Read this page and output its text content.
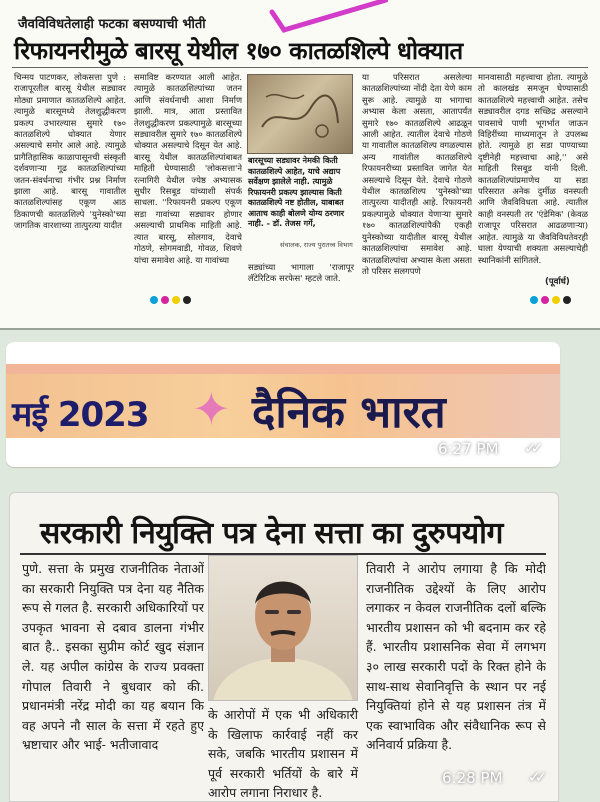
जैवविविधतेलाही फटका बसण्याची भीती
रिफायनरीमुळे बारसू येथील १७० कातळशिल्पे धोक्यात
चिन्मय पाटणकर, लोकसत्ता पुणे : राजापूरतील बारसू येथील सड्यावर मोठ्या प्रमाणात कातळशिल्पे आहेत. त्यामुळे बारसूमध्ये तेलशुद्धीकरण प्रकल्प उभारल्यास सुमारे १७० कातळशिल्पे धोक्यात येणार असल्याचे समोर आले आहे. त्यामुळे प्रागैतिहासिक काळापासूनची संस्कृती दर्शवणाऱ्या गूढ कातळशिल्पांच्या जतन-संवर्धनाचा गंभीर प्रश्न निर्माण झाला आहे. बारसू गावातील कातळशिल्पांसह एकूण आठ ठिकाणची कातळशिल्पे 'युनेस्को'च्या जागतिक वारशाच्या तात्पुरत्या यादीत
समाविष्ट करण्यात आली आहेत. त्यामुळे कातळशिल्पांच्या जतन आणि संवर्धनाची आशा निर्माण झाली. मात्र, आता प्रस्तावित तेलशुद्धीकरण प्रकल्पामुळे बारसूच्या सड्यावरील सुमारे १७० कातळशिल्पे धोक्यात असल्याचे दिसून येत आहे. बारसू येथील कातळशिल्पांबाबत माहिती घेण्यासाठी 'लोकसत्ता'ने रत्नागिरी येथील ज्येष्ठ अभ्यासक सुधीर रिसबूड यांच्याशी संपर्क साधला. ''रिफायनरी प्रकल्प एकूण सडा गावांच्या सड्यावर होणार असल्याची प्राथमिक माहिती आहे. त्यात बारसू, सोलगाव, देवाचे गोठणे, सोगमवाडी, गोवळ, शिवणे यांचा समावेश आहे. या गावांच्या
बारसूच्या सड्यावर नेमकी किती कातळशिल्पे आहेत, याचे अद्याप सर्वेक्षण झालेले नाही. त्यामुळे रिफायनरी प्रकल्प झाल्यास किती कातळशिल्पे नष्ट होतील, याबाबत आताच काही बोलणे योग्य ठरणार नाही. - डॉ. तेजस गर्गे,
संचालक, राज्य पुरातत्त्व विभाग
सड्यांच्या भागाला 'राजापूर लॅटेरिटिक सरफेस' म्हटले जाते.
या परिसरात असलेल्या कातळशिल्पांच्या नोंदी देता येणे काम सुरू आहे. त्यामुळे या भागाचा अभ्यास केला असता, आतापर्यंत सुमारे १७० कातळशिल्पे आढळून आली आहेत. त्यातील देवाचे गोठणे या गावातील कातळशिल्प वगळल्यास अन्य गावांतील कातळशिल्पे रिफायनरीच्या प्रस्तावित जागेत येत असल्याचे दिसून येते. देवाचे गोठणे येथील कातळशिल्प 'युनेस्को'च्या तात्पुरत्या यादीतही आहे. रिफायनरी प्रकल्पामुळे धोक्यात येणाऱ्या सुमारे १७० कातळशिल्पांपैकी एकही युनेस्कोच्या यादीतील बारसू येथील कातळशिल्पांचा समावेश आहे. कातळशिल्पांचा अभ्यास केला असता तो परिसर सलगपणे
मानवासाठी महत्त्वाचा होता. त्यामुळे तो कालखंड समजून घेण्यासाठी कातळशिल्पे महत्त्वाची आहेत. तसेच सड्यावरील दगड सच्छिद्र असल्याने पावसाचे पाणी भूगर्भात जाऊन विहिरींच्या माध्यमातून ते उपलब्ध होते. त्यामुळे हा सडा पाण्याच्या दृष्टीनेही महत्त्वाचा आहे,'' असे माहिती रिसबूड यांनी दिली. कातळशिल्पांप्रमाणेच या सडा परिसरात अनेक दुर्मीळ वनस्पती आणि जैवविविधता आहे. त्यातील काही वनस्पती तर 'एंडेमिक' (केवळ राजापूर परिसरात आढळणाऱ्या) आहेत. त्यामुळे या जैवविविधतेवरही घाला येण्याची शक्यता असल्याचेही स्थानिकांनी सांगितले.
(पूर्वार्ध)
मई 2023 ✦ दैनिक भारत
6:27 PM ✓✓
सरकारी नियुक्ति पत्र देना सत्ता का दुरुपयोग
पुणे. सत्ता के प्रमुख राजनीतिक नेताओं का सरकारी नियुक्ति पत्र देना यह नैतिक रूप से गलत है. सरकारी अधिकारियों पर उपकृत भावना से दबाव डालना गंभीर बात है.. इसका सुप्रीम कोर्ट खुद संज्ञान ले. यह अपील कांग्रेस के राज्य प्रवक्ता गोपाल तिवारी ने बुधवार को की. प्रधानमंत्री नरेंद्र मोदी का यह बयान कि वह अपने नौ साल के सत्ता में रहते हुए भ्रष्टाचार और भाई- भतीजावाद
के आरोपों में एक भी अधिकारी के खिलाफ कार्रवाई नहीं कर सके, जबकि भारतीय प्रशासन में पूर्व सरकारी भर्तियों के बारे में आरोप लगाना निराधार है.
तिवारी ने आरोप लगाया है कि मोदी राजनीतिक उद्देश्यों के लिए आरोप लगाकर न केवल राजनीतिक दलों बल्कि भारतीय प्रशासन को भी बदनाम कर रहे हैं. भारतीय प्रशासनिक सेवा में लगभग ३० लाख सरकारी पदों के रिक्त होने के साथ-साथ सेवानिवृत्ति के स्थान पर नई नियुक्तियां होने से यह प्रशासन तंत्र में एक स्वाभाविक और संवैधानिक रूप से अनिवार्य प्रक्रिया है.
6:28 PM ✓✓
